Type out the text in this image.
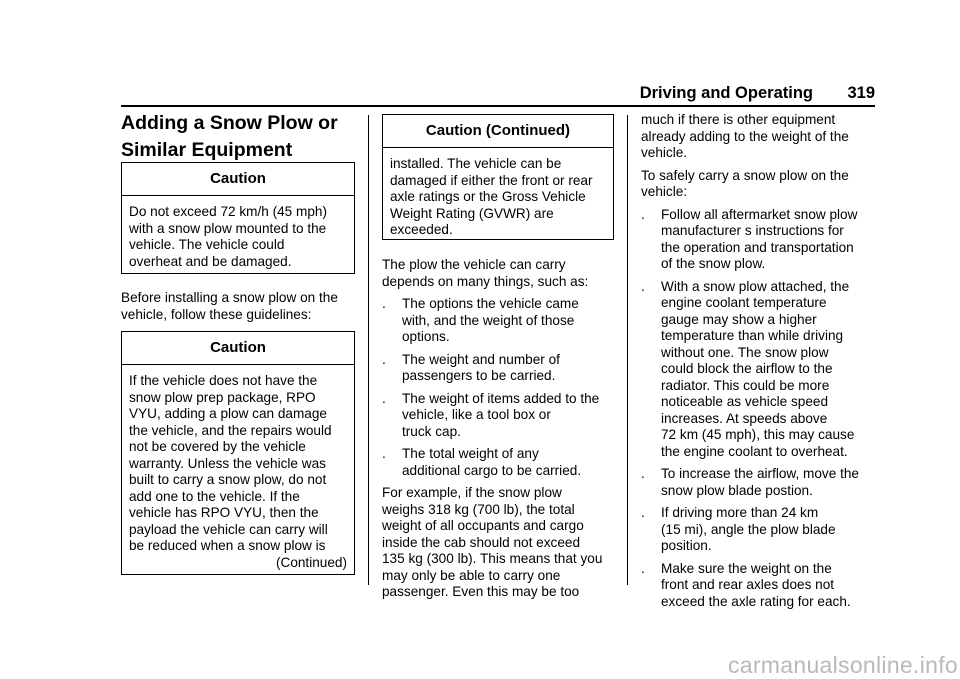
Driving and Operating 319
Adding a Snow Plow or
Similar Equipment
Caution
Do not exceed 72 km/h (45 mph)
with a snow plow mounted to the
vehicle. The vehicle could
overheat and be damaged.
Before installing a snow plow on the
vehicle, follow these guidelines:
Caution
If the vehicle does not have the
snow plow prep package, RPO
VYU, adding a plow can damage
the vehicle, and the repairs would
not be covered by the vehicle
warranty. Unless the vehicle was
built to carry a snow plow, do not
add one to the vehicle. If the
vehicle has RPO VYU, then the
payload the vehicle can carry will
be reduced when a snow plow is
(Continued)
Caution (Continued)
installed. The vehicle can be
damaged if either the front or rear
axle ratings or the Gross Vehicle
Weight Rating (GVWR) are
exceeded.
The plow the vehicle can carry
depends on many things, such as:
. The options the vehicle came
with, and the weight of those
options.
. The weight and number of
passengers to be carried.
. The weight of items added to the
vehicle, like a tool box or
truck cap.
. The total weight of any
additional cargo to be carried.
For example, if the snow plow
weighs 318 kg (700 lb), the total
weight of all occupants and cargo
inside the cab should not exceed
135 kg (300 lb). This means that you
may only be able to carry one
passenger. Even this may be too
much if there is other equipment
already adding to the weight of the
vehicle.
To safely carry a snow plow on the
vehicle:
. Follow all aftermarket snow plow
manufacturer s instructions for
the operation and transportation
of the snow plow.
. With a snow plow attached, the
engine coolant temperature
gauge may show a higher
temperature than while driving
without one. The snow plow
could block the airflow to the
radiator. This could be more
noticeable as vehicle speed
increases. At speeds above
72 km (45 mph), this may cause
the engine coolant to overheat.
. To increase the airflow, move the
snow plow blade postion.
. If driving more than 24 km
(15 mi), angle the plow blade
position.
. Make sure the weight on the
front and rear axles does not
exceed the axle rating for each.
carmanualsonline.info
